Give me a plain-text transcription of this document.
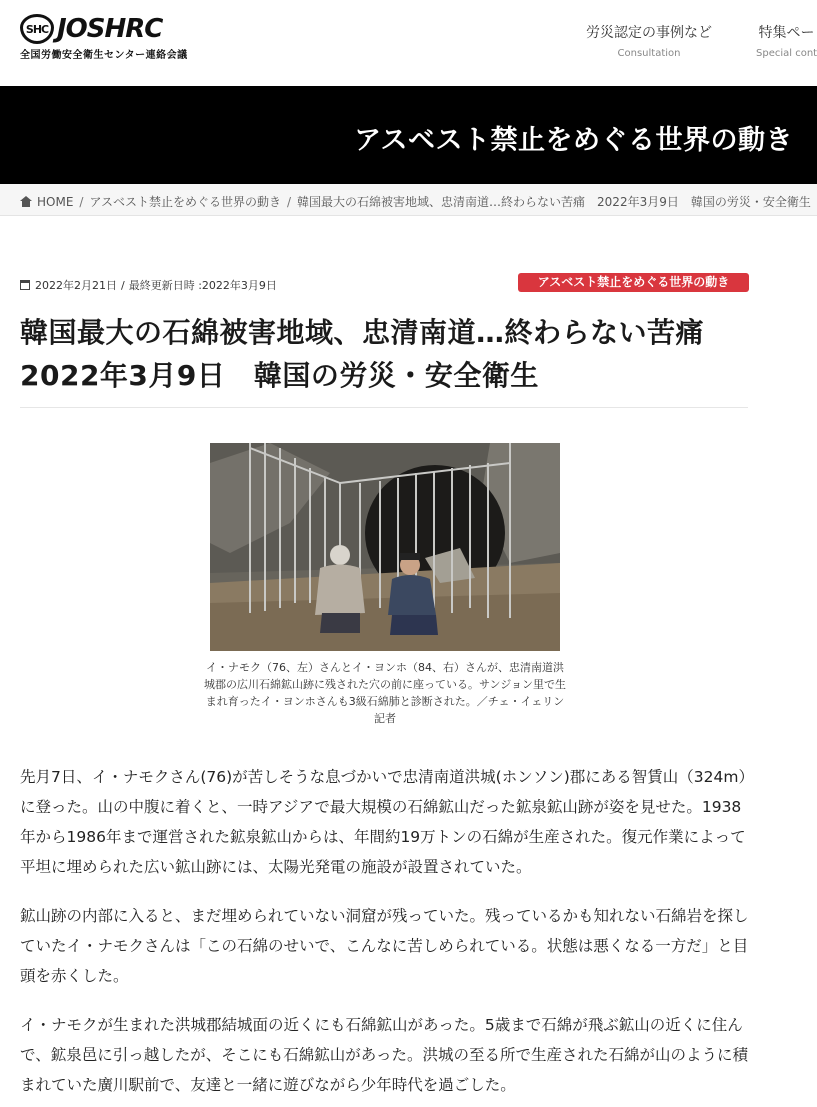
SHC JOSHRC
全国労働安全衛生センター連絡会議
労災認定の事例など
Consultation
特集ペー
Special cont
アスベスト禁止をめぐる世界の動き
HOME / アスベスト禁止をめぐる世界の動き / 韓国最大の石綿被害地域、忠清南道…終わらない苦痛　2022年3月9日　韓国の労災・安全衛生
2022年2月21日 / 最終更新日時 : 2022年3月9日	アスベスト禁止をめぐる世界の動き
韓国最大の石綿被害地域、忠清南道…終わらない苦痛　2022年3月9日　韓国の労災・安全衛生
イ・ナモク（76、左）さんとイ・ヨンホ（84、右）さんが、忠清南道洪城郡の広川石綿鉱山跡に残された穴の前に座っている。サンジョン里で生まれ育ったイ・ヨンホさんも3級石綿肺と診断された。／チェ・イェリン記者

先月7日、イ・ナモクさん(76)が苦しそうな息づかいで忠清南道洪城(ホンソン)郡にある智賃山（324m）に登った。山の中腹に着くと、一時アジアで最大規模の石綿鉱山だった鉱泉鉱山跡が姿を見せた。1938年から1986年まで運営された鉱泉鉱山からは、年間約19万トンの石綿が生産された。復元作業によって平坦に埋められた広い鉱山跡には、太陽光発電の施設が設置されていた。

鉱山跡の内部に入ると、まだ埋められていない洞窟が残っていた。残っているかも知れない石綿岩を探していたイ・ナモクさんは「この石綿のせいで、こんなに苦しめられている。状態は悪くなる一方だ」と目頭を赤くした。

イ・ナモクが生まれた洪城郡結城面の近くにも石綿鉱山があった。5歳まで石綿が飛ぶ鉱山の近くに住んで、鉱泉邑に引っ越したが、そこにも石綿鉱山があった。洪城の至る所で生産された石綿が山のように積まれていた廣川駅前で、友達と一緒に遊びながら少年時代を過ごした。
